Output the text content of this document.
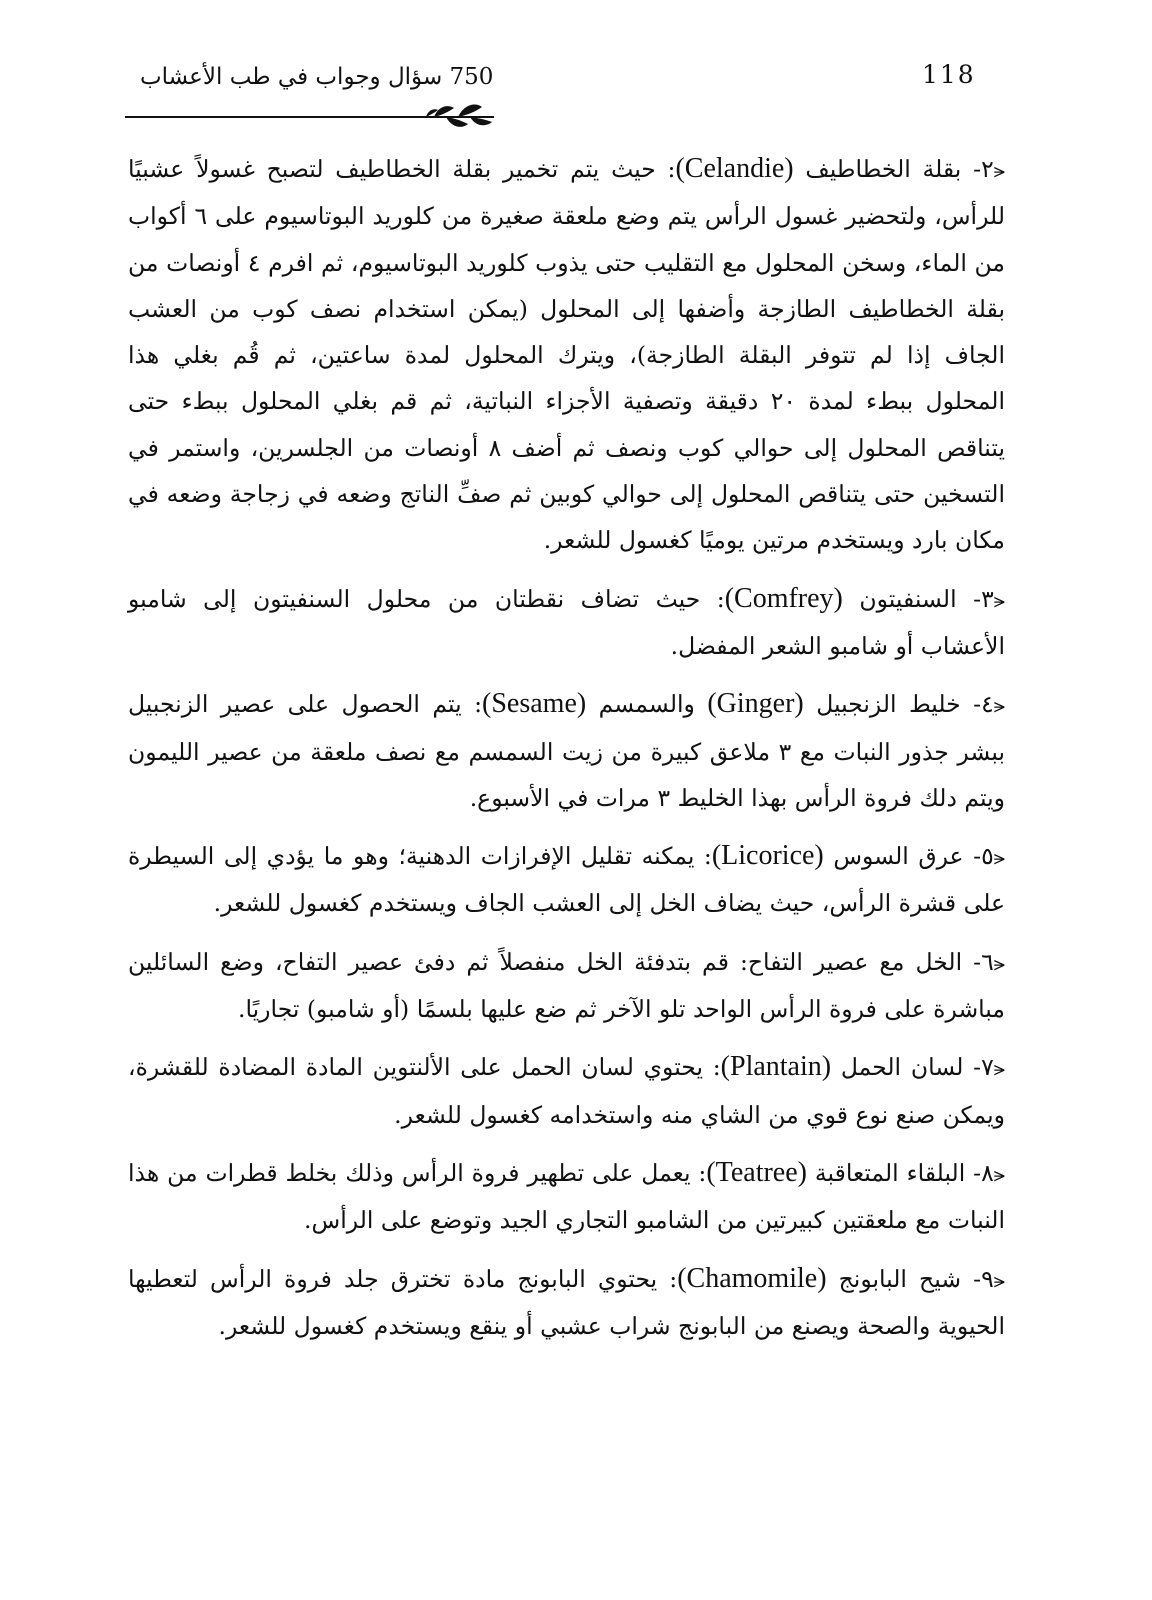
118
750 سؤال وجواب في طب الأعشاب

⪪٢- بقلة الخطاطيف (Celandie): حيث يتم تخمير بقلة الخطاطيف لتصبح غسولاً عشبيًا للرأس، ولتحضير غسول الرأس يتم وضع ملعقة صغيرة من كلوريد البوتاسيوم على ٦ أكواب من الماء، وسخن المحلول مع التقليب حتى يذوب كلوريد البوتاسيوم، ثم افرم ٤ أونصات من بقلة الخطاطيف الطازجة وأضفها إلى المحلول (يمكن استخدام نصف كوب من العشب الجاف إذا لم تتوفر البقلة الطازجة)، ويترك المحلول لمدة ساعتين، ثم قُم بغلي هذا المحلول ببطء لمدة ٢٠ دقيقة وتصفية الأجزاء النباتية، ثم قم بغلي المحلول ببطء حتى يتناقص المحلول إلى حوالي كوب ونصف ثم أضف ٨ أونصات من الجلسرين، واستمر في التسخين حتى يتناقص المحلول إلى حوالي كوبين ثم صفِّ الناتج وضعه في زجاجة وضعه في مكان بارد ويستخدم مرتين يوميًا كغسول للشعر.

⪪٣- السنفيتون (Comfrey): حيث تضاف نقطتان من محلول السنفيتون إلى شامبو الأعشاب أو شامبو الشعر المفضل.

⪪٤- خليط الزنجبيل (Ginger) والسمسم (Sesame): يتم الحصول على عصير الزنجبيل ببشر جذور النبات مع ٣ ملاعق كبيرة من زيت السمسم مع نصف ملعقة من عصير الليمون ويتم دلك فروة الرأس بهذا الخليط ٣ مرات في الأسبوع.

⪪٥- عرق السوس (Licorice): يمكنه تقليل الإفرازات الدهنية؛ وهو ما يؤدي إلى السيطرة على قشرة الرأس، حيث يضاف الخل إلى العشب الجاف ويستخدم كغسول للشعر.

⪪٦- الخل مع عصير التفاح: قم بتدفئة الخل منفصلاً ثم دفئ عصير التفاح، وضع السائلين مباشرة على فروة الرأس الواحد تلو الآخر ثم ضع عليها بلسمًا (أو شامبو) تجاريًا.

⪪٧- لسان الحمل (Plantain): يحتوي لسان الحمل على الألنتوين المادة المضادة للقشرة، ويمكن صنع نوع قوي من الشاي منه واستخدامه كغسول للشعر.

⪪٨- البلقاء المتعاقبة (Teatree): يعمل على تطهير فروة الرأس وذلك بخلط قطرات من هذا النبات مع ملعقتين كبيرتين من الشامبو التجاري الجيد وتوضع على الرأس.

⪪٩- شيح البابونج (Chamomile): يحتوي البابونج مادة تخترق جلد فروة الرأس لتعطيها الحيوية والصحة ويصنع من البابونج شراب عشبي أو ينقع ويستخدم كغسول للشعر.
